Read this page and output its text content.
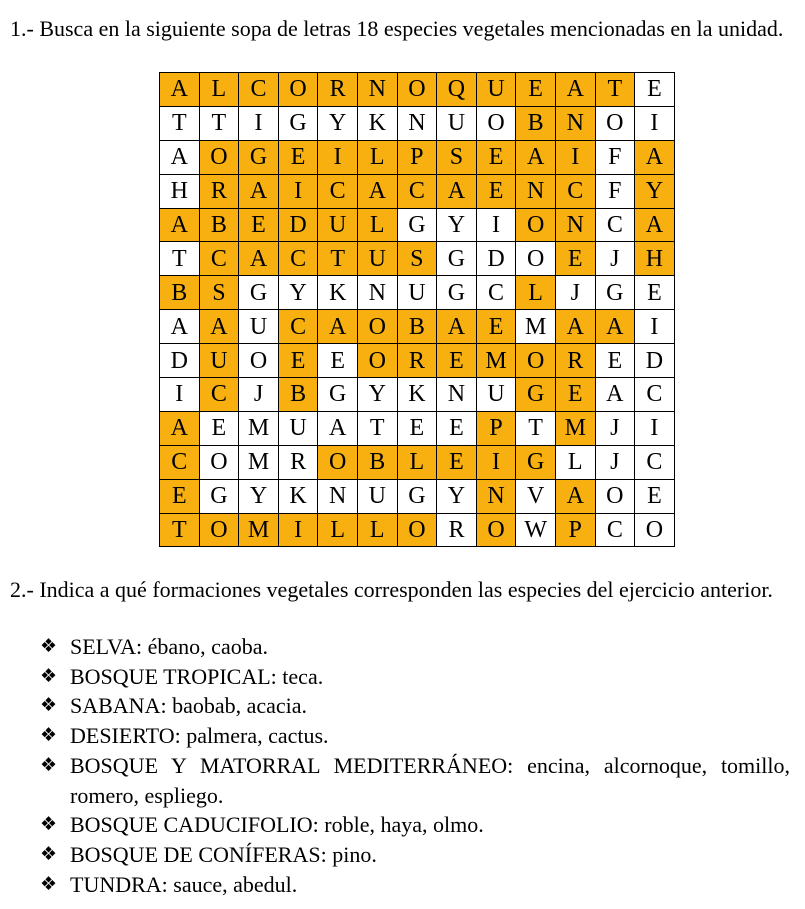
1.- Busca en la siguiente sopa de letras 18 especies vegetales mencionadas en la unidad.

A	L	C	O	R	N	O	Q	U	E	A	T	E
T	T	I	G	Y	K	N	U	O	B	N	O	I
A	O	G	E	I	L	P	S	E	A	I	F	A
H	R	A	I	C	A	C	A	E	N	C	F	Y
A	B	E	D	U	L	G	Y	I	O	N	C	A
T	C	A	C	T	U	S	G	D	O	E	J	H
B	S	G	Y	K	N	U	G	C	L	J	G	E
A	A	U	C	A	O	B	A	E	M	A	A	I
D	U	O	E	E	O	R	E	M	O	R	E	D
I	C	J	B	G	Y	K	N	U	G	E	A	C
A	E	M	U	A	T	E	E	P	T	M	J	I
C	O	M	R	O	B	L	E	I	G	L	J	C
E	G	Y	K	N	U	G	Y	N	V	A	O	E
T	O	M	I	L	L	O	R	O	W	P	C	O

2.- Indica a qué formaciones vegetales corresponden las especies del ejercicio anterior.

❖ SELVA: ébano, caoba.
❖ BOSQUE TROPICAL: teca.
❖ SABANA: baobab, acacia.
❖ DESIERTO: palmera, cactus.
❖ BOSQUE Y MATORRAL MEDITERRÁNEO: encina, alcornoque, tomillo, romero, espliego.
❖ BOSQUE CADUCIFOLIO: roble, haya, olmo.
❖ BOSQUE DE CONÍFERAS: pino.
❖ TUNDRA: sauce, abedul.
